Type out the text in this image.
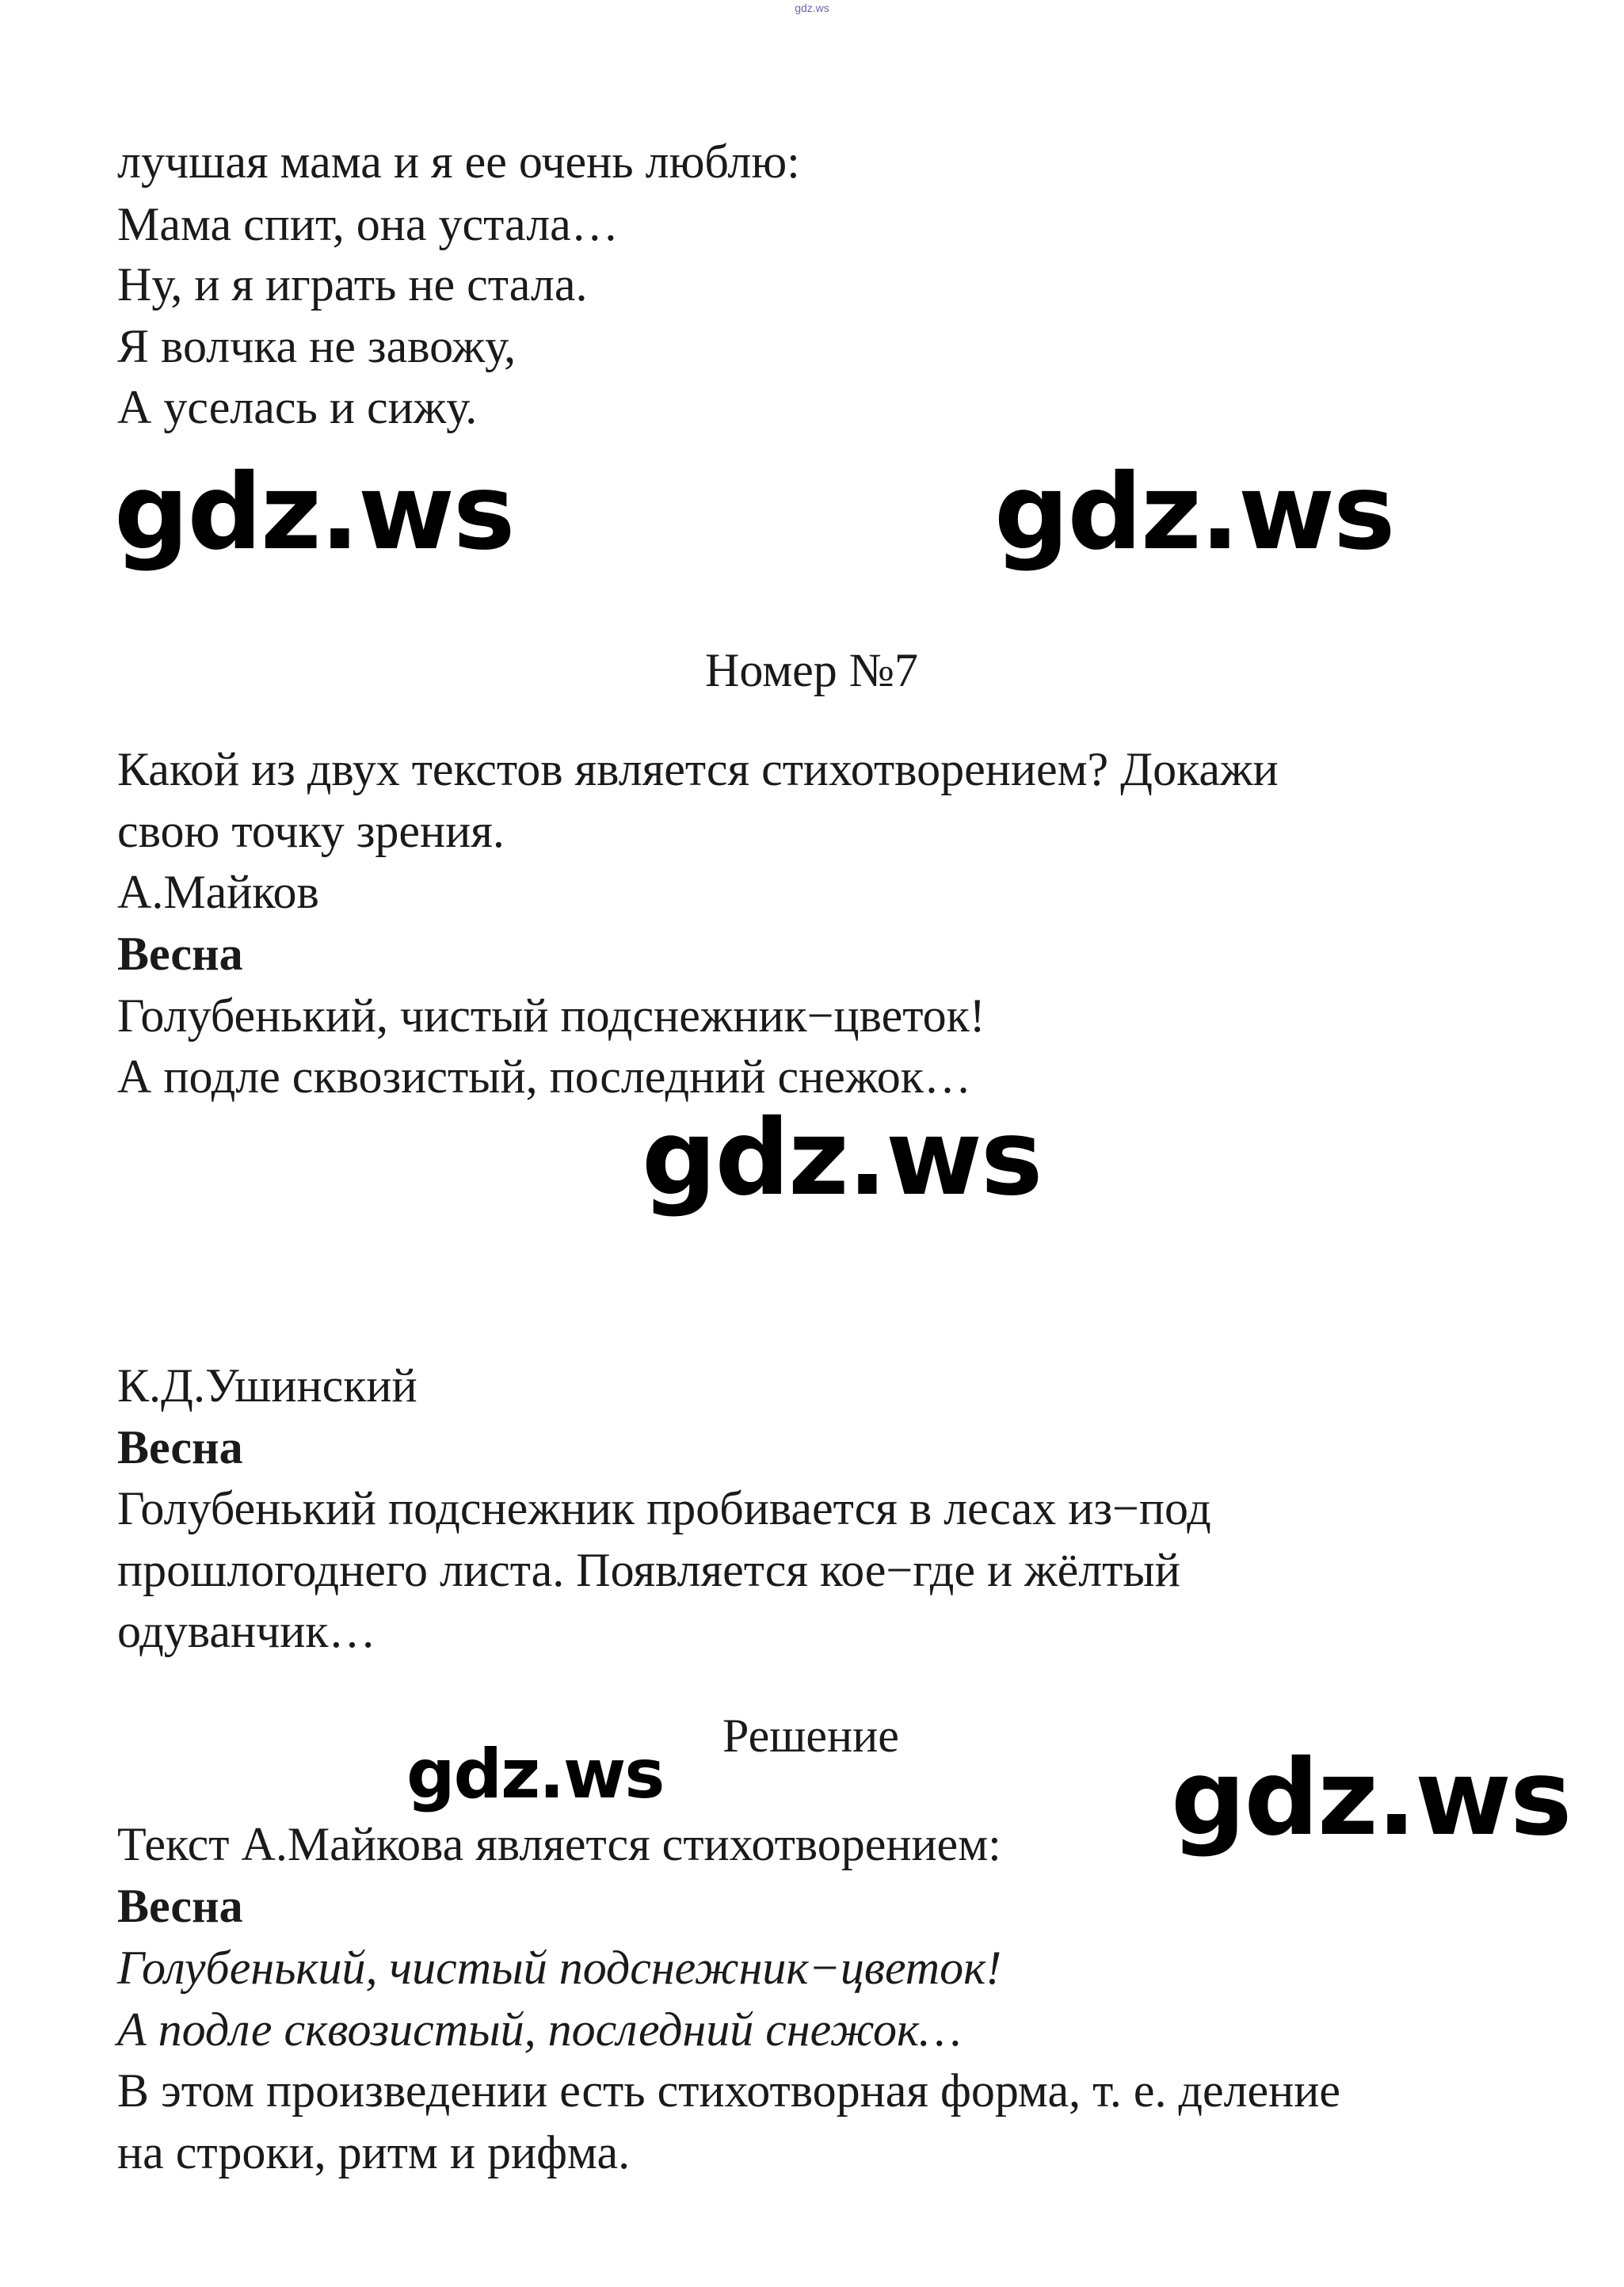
gdz.ws
лучшая мама и я ее очень люблю:
Мама спит, она устала…
Ну, и я играть не стала.
Я волчка не завожу,
А уселась и сижу.
gdz.ws	gdz.ws
Номер №7
Какой из двух текстов является стихотворением? Докажи
свою точку зрения.
А.Майков
Весна
Голубенький, чистый подснежник−цветок!
А подле сквозистый, последний снежок…
gdz.ws
К.Д.Ушинский
Весна
Голубенький подснежник пробивается в лесах из−под
прошлогоднего листа. Появляется кое−где и жёлтый
одуванчик…
Решение
gdz.ws	gdz.ws
Текст А.Майкова является стихотворением:
Весна
Голубенький, чистый подснежник−цветок!
А подле сквозистый, последний снежок…
В этом произведении есть стихотворная форма, т. е. деление
на строки, ритм и рифма.
